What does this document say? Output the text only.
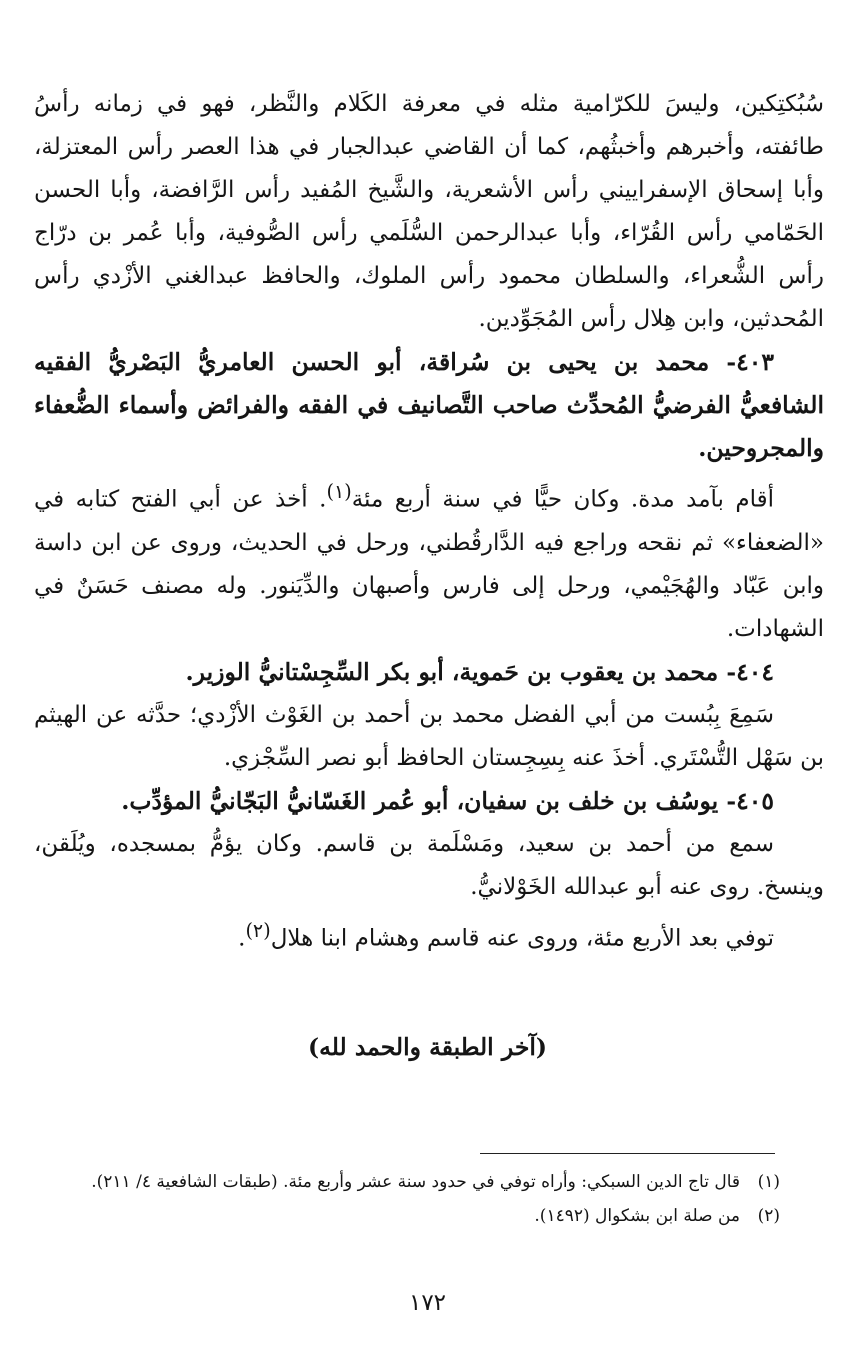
سُبُكتِكين، وليسَ للكرّامية مثله في معرفة الكَلام والنَّظر، فهو في زمانه رأسُ طائفته، وأخبرهم وأخبثُهم، كما أن القاضي عبدالجبار في هذا العصر رأس المعتزلة، وأبا إسحاق الإسفراييني رأس الأشعرية، والشَّيخ المُفيد رأس الرَّافضة، وأبا الحسن الحَمّامي رأس القُرّاء، وأبا عبدالرحمن السُّلَمي رأس الصُّوفية، وأبا عُمر بن درّاج رأس الشُّعراء، والسلطان محمود رأس الملوك، والحافظ عبدالغني الأزْدي رأس المُحدثين، وابن هِلال رأس المُجَوِّدين.

٤٠٣- محمد بن يحيى بن سُراقة، أبو الحسن العامريُّ البَصْريُّ الفقيه الشافعيُّ الفرضيُّ المُحدِّث صاحب التَّصانيف في الفقه والفرائض وأسماء الضُّعفاء والمجروحين.

أقام بآمد مدة. وكان حيًّا في سنة أربع مئة$^{(١)}$. أخذ عن أبي الفتح كتابه في «الضعفاء» ثم نقحه وراجع فيه الدَّارقُطني، ورحل في الحديث، وروى عن ابن داسة وابن عَبّاد والهُجَيْمي، ورحل إلى فارس وأصبهان والدِّيَنور. وله مصنف حَسَنٌ في الشهادات.

٤٠٤- محمد بن يعقوب بن حَموية، أبو بكر السِّجِسْتانيُّ الوزير.

سَمِعَ بِبُست من أبي الفضل محمد بن أحمد بن الغَوْث الأزْدي؛ حدَّثه عن الهيثم بن سَهْل التُّسْتَري. أخذَ عنه بِسِجِستان الحافظ أبو نصر السِّجْزي.

٤٠٥- يوسُف بن خلف بن سفيان، أبو عُمر الغَسّانيُّ البَجّانيُّ المؤدِّب.

سمع من أحمد بن سعيد، ومَسْلَمة بن قاسم. وكان يؤمُّ بمسجده، ويُلَقن، وينسخ. روى عنه أبو عبدالله الخَوْلانيُّ.

توفي بعد الأربع مئة، وروى عنه قاسم وهشام ابنا هلال$^{(٢)}$.

(آخر الطبقة والحمد لله)

(١)قال تاج الدين السبكي: وأراه توفي في حدود سنة عشر وأربع مئة. (طبقات الشافعية ٤/ ٢١١).

(٢)من صلة ابن بشكوال (١٤٩٢).

١٧٢
